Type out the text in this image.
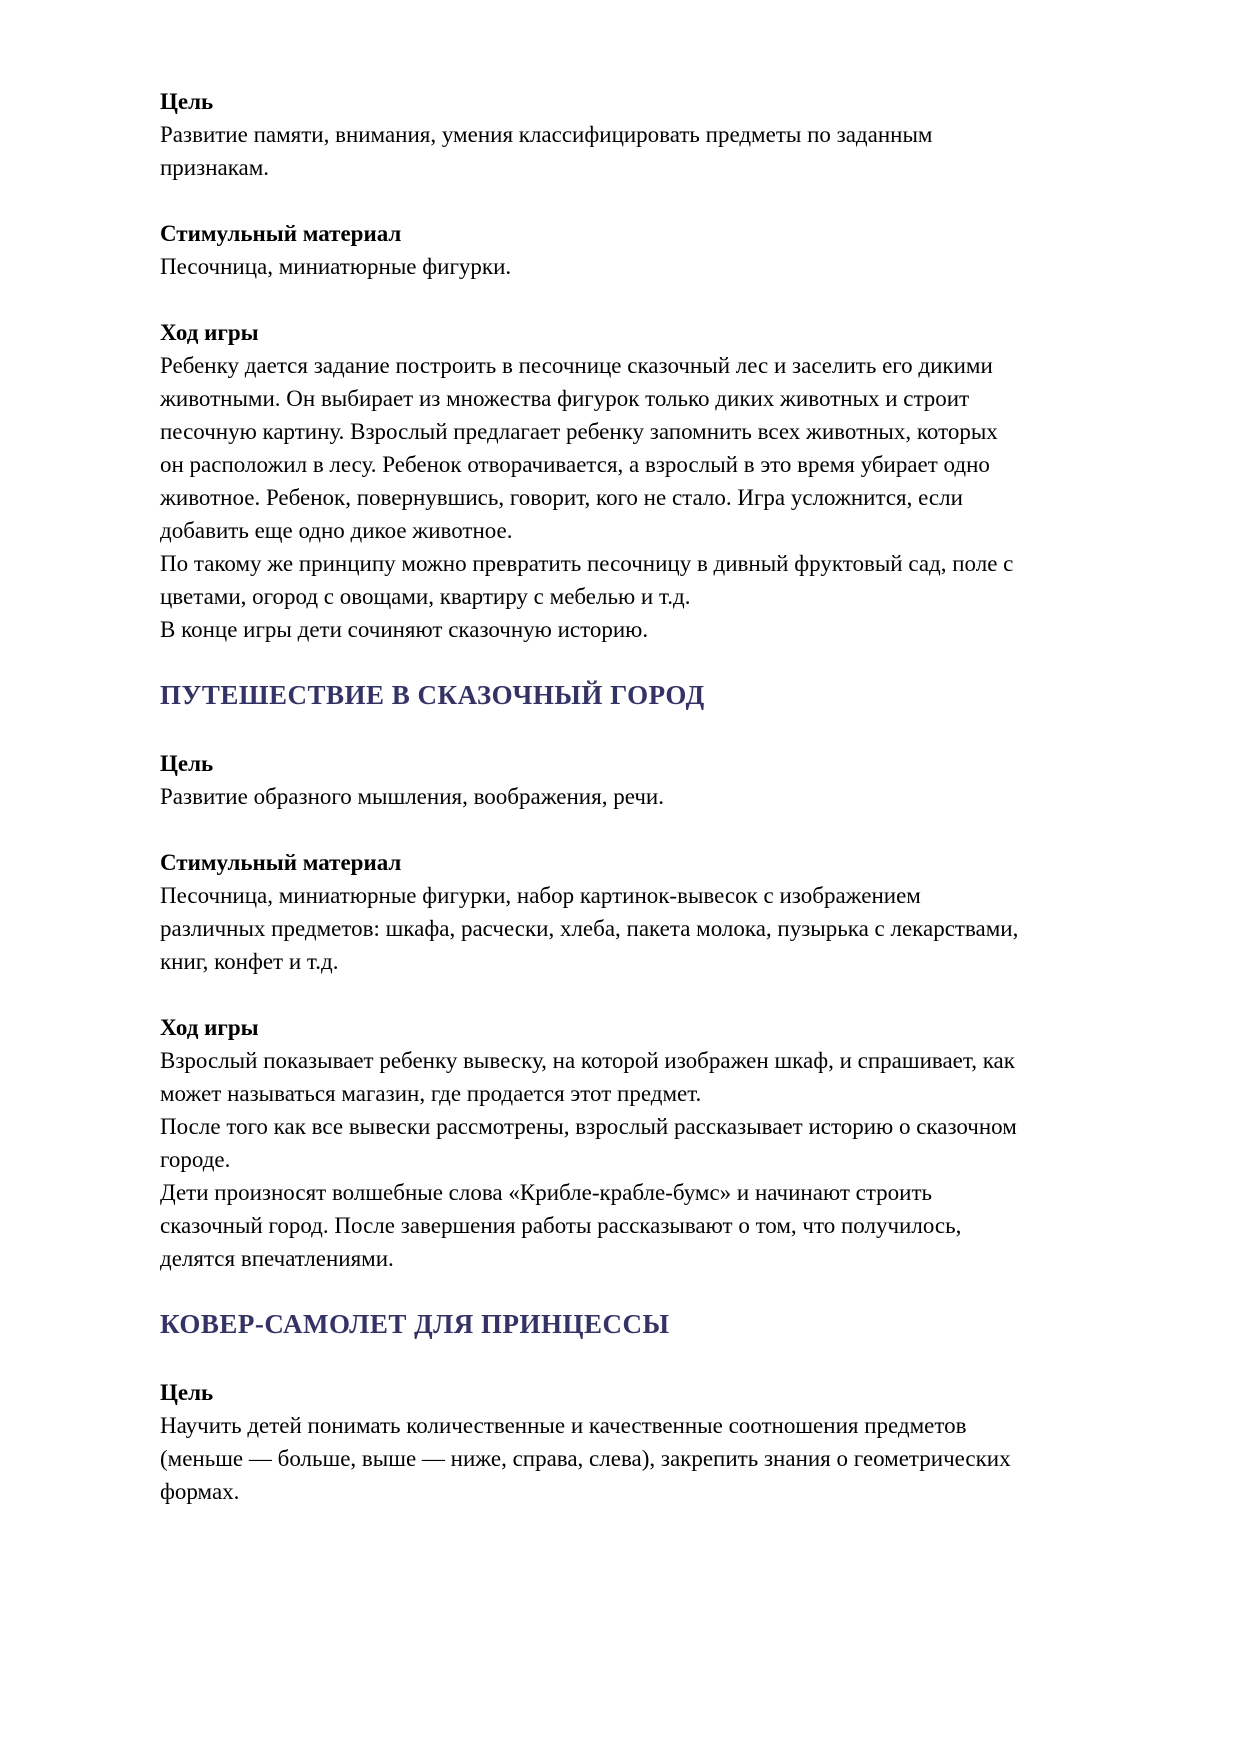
Цель

Развитие памяти, внимания, умения классифицировать предметы по заданным признакам.

Стимульный материал

Песочница, миниатюрные фигурки.

Ход игры

Ребенку дается задание построить в песочнице сказочный лес и заселить его дикими животными. Он выбирает из множества фигурок только диких животных и строит песочную картину. Взрослый предлагает ребенку запомнить всех животных, которых он расположил в лесу. Ребенок отворачивается, а взрослый в это время убирает одно животное. Ребенок, повернувшись, говорит, кого не стало. Игра усложнится, если добавить еще одно дикое животное.

По такому же принципу можно превратить песочницу в дивный фруктовый сад, поле с цветами, огород с овощами, квартиру с мебелью и т.д.

В конце игры дети сочиняют сказочную историю.

ПУТЕШЕСТВИЕ В СКАЗОЧНЫЙ ГОРОД
Цель

Развитие образного мышления, воображения, речи.

Стимульный материал

Песочница, миниатюрные фигурки, набор картинок-вывесок с изображением различных предметов: шкафа, расчески, хлеба, пакета молока, пузырька с лекарствами, книг, конфет и т.д.

Ход игры

Взрослый показывает ребенку вывеску, на которой изображен шкаф, и спрашивает, как может называться магазин, где продается этот предмет.

После того как все вывески рассмотрены, взрослый рассказывает историю о сказочном городе.

Дети произносят волшебные слова «Крибле-крабле-бумс» и начинают строить сказочный город. После завершения работы рассказывают о том, что получилось, делятся впечатлениями.

КОВЕР-САМОЛЕТ ДЛЯ ПРИНЦЕССЫ
Цель

Научить детей понимать количественные и качественные соотношения предметов (меньше — больше, выше — ниже, справа, слева), закрепить знания о геометрических формах.
